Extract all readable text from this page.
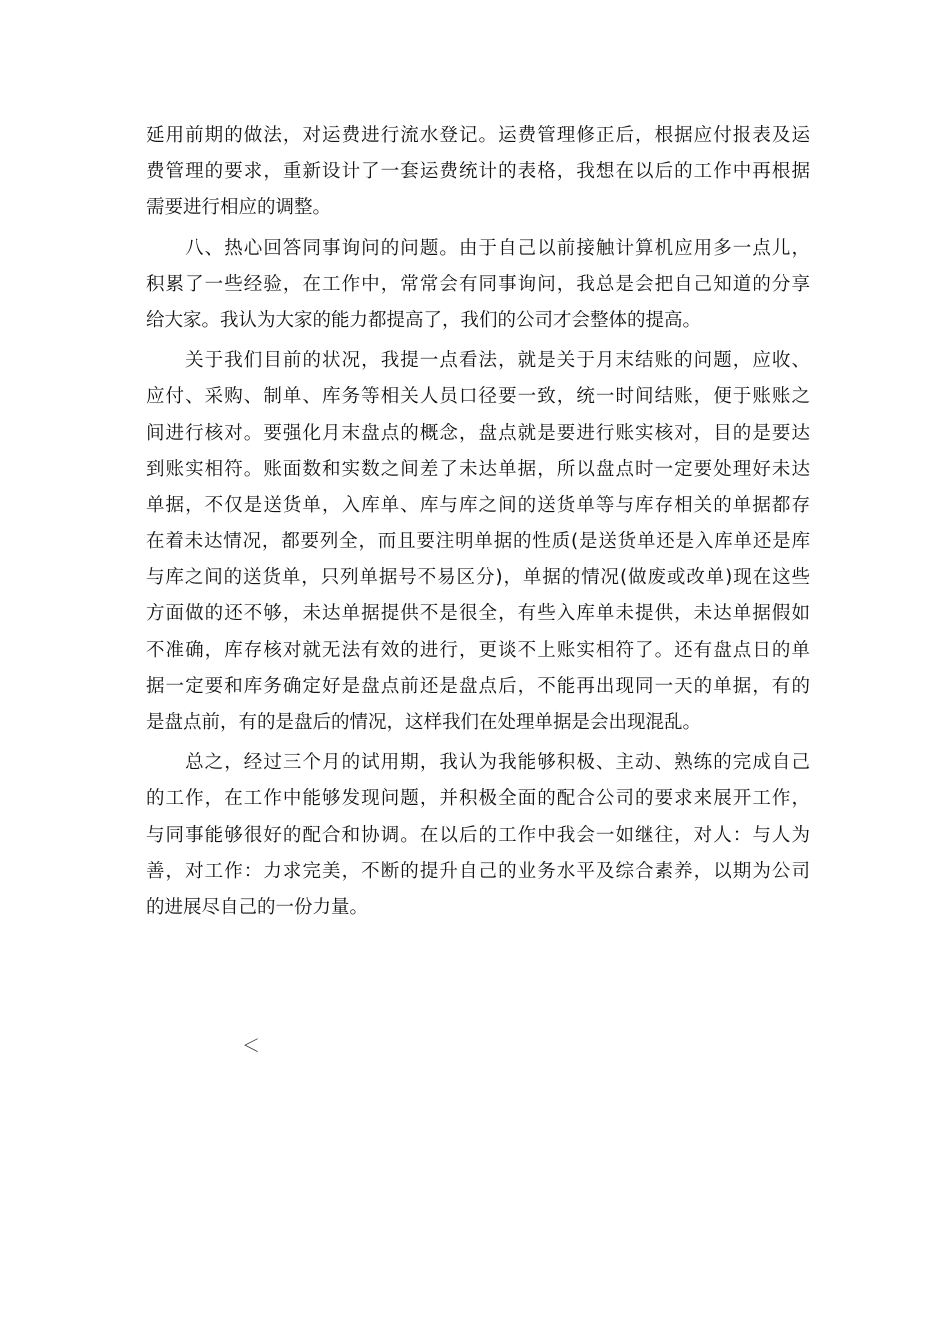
延用前期的做法，对运费进行流水登记。运费管理修正后，根据应付报表及运
费管理的要求，重新设计了一套运费统计的表格，我想在以后的工作中再根据
需要进行相应的调整。
　　八、热心回答同事询问的问题。由于自己以前接触计算机应用多一点儿，
积累了一些经验，在工作中，常常会有同事询问，我总是会把自己知道的分享
给大家。我认为大家的能力都提高了，我们的公司才会整体的提高。
　　关于我们目前的状况，我提一点看法，就是关于月末结账的问题，应收、
应付、采购、制单、库务等相关人员口径要一致，统一时间结账，便于账账之
间进行核对。要强化月末盘点的概念，盘点就是要进行账实核对，目的是要达
到账实相符。账面数和实数之间差了未达单据，所以盘点时一定要处理好未达
单据，不仅是送货单，入库单、库与库之间的送货单等与库存相关的单据都存
在着未达情况，都要列全，而且要注明单据的性质(是送货单还是入库单还是库
与库之间的送货单，只列单据号不易区分)，单据的情况(做废或改单)现在这些
方面做的还不够，未达单据提供不是很全，有些入库单未提供，未达单据假如
不准确，库存核对就无法有效的进行，更谈不上账实相符了。还有盘点日的单
据一定要和库务确定好是盘点前还是盘点后，不能再出现同一天的单据，有的
是盘点前，有的是盘后的情况，这样我们在处理单据是会出现混乱。
　　总之，经过三个月的试用期，我认为我能够积极、主动、熟练的完成自己
的工作，在工作中能够发现问题，并积极全面的配合公司的要求来展开工作，
与同事能够很好的配合和协调。在以后的工作中我会一如继往，对人：与人为
善，对工作：力求完美，不断的提升自己的业务水平及综合素养，以期为公司
的进展尽自己的一份力量。
＜
